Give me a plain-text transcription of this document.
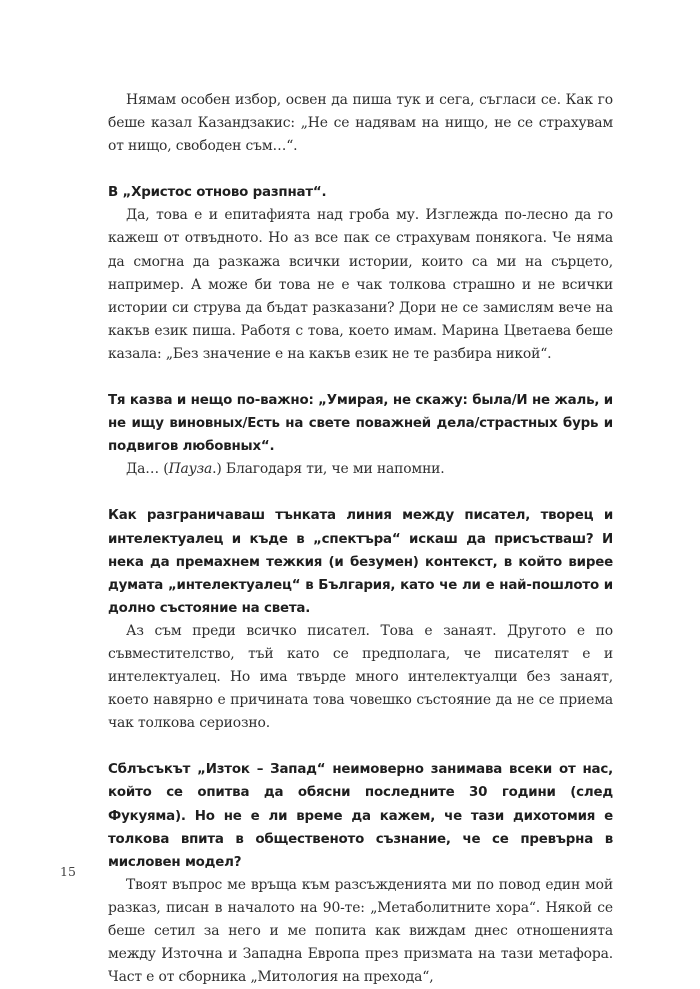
Нямам особен избор, освен да пиша тук и сега, съгласи се. Как го беше казал Казандзакис: „Не се надявам на нищо, не се страхувам от нищо, свободен съм…“.

В „Христос отново разпнат“.

Да, това е и епитафията над гроба му. Изглежда по-лесно да го кажеш от отвъдното. Но аз все пак се страхувам понякога. Че няма да смогна да разкажа всички истории, които са ми на сърцето, например. А може би това не е чак толкова страшно и не всички истории си струва да бъдат разказани? Дори не се замислям вече на какъв език пиша. Работя с това, което имам. Марина Цветаева беше казала: „Без значение е на какъв език не те разбира никой“.

Тя казва и нещо по-важно: „Умирая, не скажу: была/И не жаль, и не ищу виновных/Есть на свете поважней дела/страстных бурь и подвигов любовных“.

Да… (Пауза.) Благодаря ти, че ми напомни.

Как разграничаваш тънката линия между писател, творец и интелектуалец и къде в „спектъра“ искаш да присъстваш? И нека да премахнем тежкия (и безумен) контекст, в който вирее думата „интелектуалец“ в България, като че ли е най-пошлото и долно състояние на света.

Аз съм преди всичко писател. Това е занаят. Другото е по съвместителство, тъй като се предполага, че писателят е и интелектуалец. Но има твърде много интелектуалци без занаят, което навярно е причината това човешко състояние да не се приема чак толкова сериозно.

Сблъсъкът „Изток – Запад“ неимоверно занимава всеки от нас, който се опитва да обясни последните 30 години (след Фукуяма). Но не е ли време да кажем, че тази дихотомия е толкова впита в общественото съзнание, че се превърна в мисловен модел?

Твоят въпрос ме връща към разсъжденията ми по повод един мой разказ, писан в началото на 90-те: „Метаболитните хора“. Някой се беше сетил за него и ме попита как виждам днес отношенията между Източна и Западна Европа през призмата на тази метафора. Част е от сборника „Митология на прехода“,

15
